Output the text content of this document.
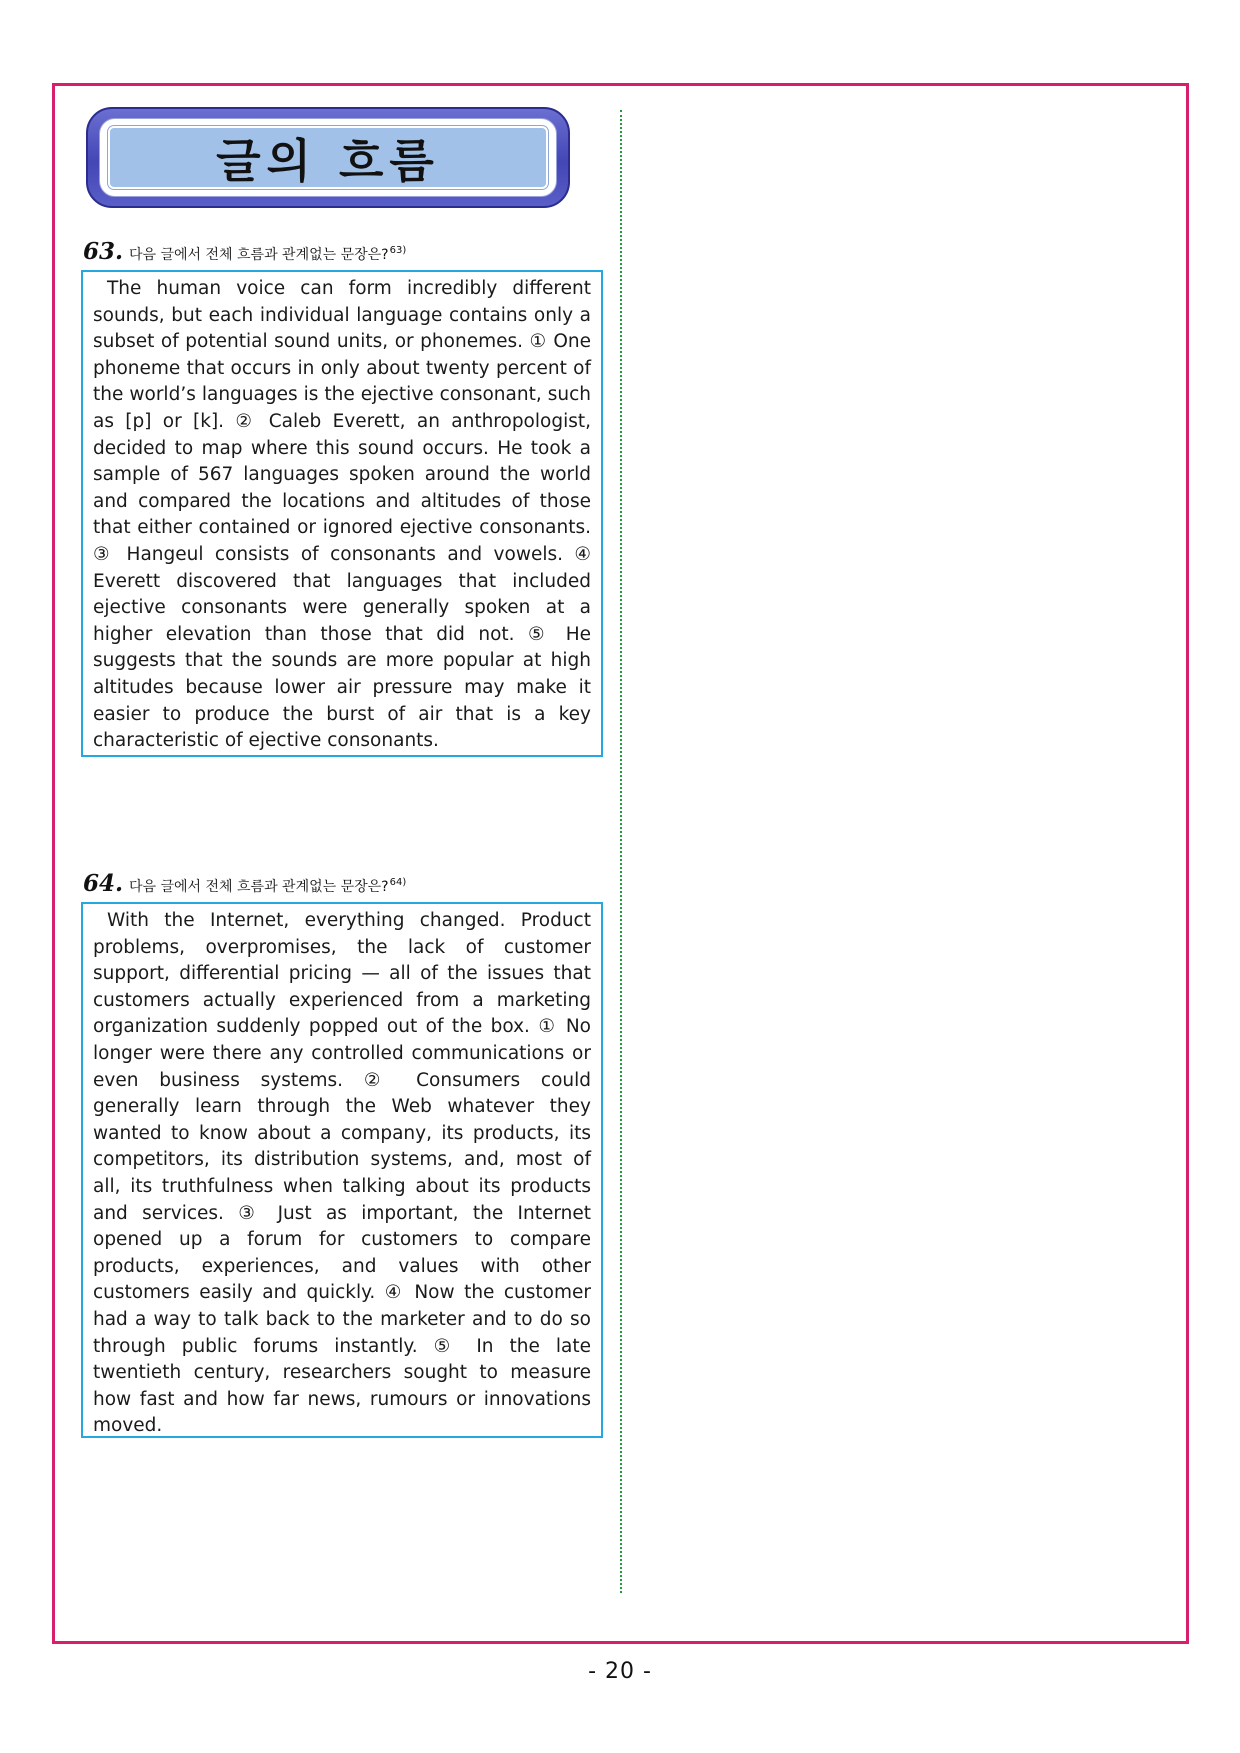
글의 흐름
63. 다음 글에서 전체 흐름과 관계없는 문장은?$^{63)}$

The human voice can form incredibly different sounds, but each individual language contains only a subset of potential sound units, or phonemes. ① One phoneme that occurs in only about twenty percent of the world’s languages is the ejective consonant, such as [p] or [k]. ② Caleb Everett, an anthropologist, decided to map where this sound occurs. He took a sample of 567 languages spoken around the world and compared the locations and altitudes of those that either contained or ignored ejective consonants. ③ Hangeul consists of consonants and vowels. ④ Everett discovered that languages that included ejective consonants were generally spoken at a higher elevation than those that did not. ⑤ He suggests that the sounds are more popular at high altitudes because lower air pressure may make it easier to produce the burst of air that is a key characteristic of ejective consonants.

64. 다음 글에서 전체 흐름과 관계없는 문장은?$^{64)}$

With the Internet, everything changed. Product problems, overpromises, the lack of customer support, differential pricing — all of the issues that customers actually experienced from a marketing organization suddenly popped out of the box. ① No longer were there any controlled communications or even business systems. ② Consumers could generally learn through the Web whatever they wanted to know about a company, its products, its competitors, its distribution systems, and, most of all, its truthfulness when talking about its products and services. ③ Just as important, the Internet opened up a forum for customers to compare products, experiences, and values with other customers easily and quickly. ④ Now the customer had a way to talk back to the marketer and to do so through public forums instantly. ⑤ In the late twentieth century, researchers sought to measure how fast and how far news, rumours or innovations moved.

- 20 -
